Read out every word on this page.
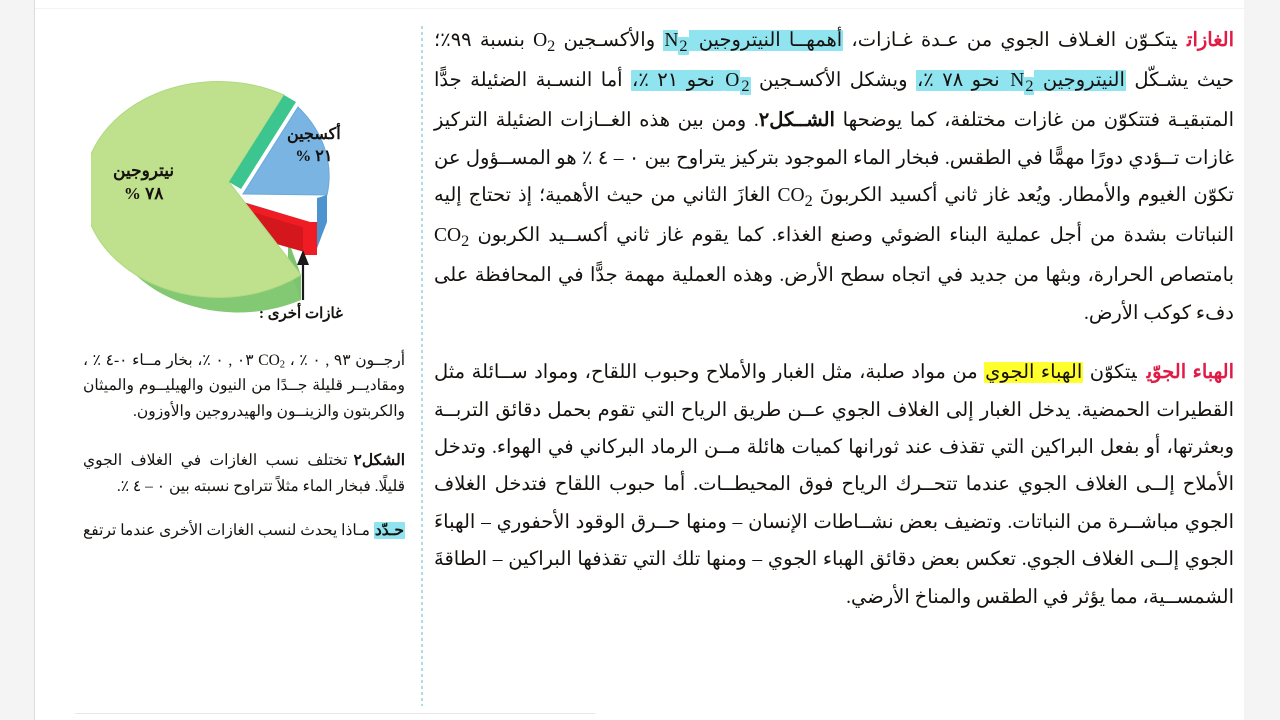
نيتروجين
٧٨ %
أكسجين
٢١ %
غازات أخرى :
أرجــون ٩٣ , ٠ ٪ ، $CO_2$ ٠٣ , ٠ ٪، بخار مــاء ٠-٤ ٪ ، ومقاديــر قليلة جــدًا من النيون والهيليــوم والميثان والكربتون والزينــون والهيدروجين والأوزون.
الشكل٢تختلف نسب الغازات في الغلاف الجوي قليلًا. فبخار الماء مثلاً تتراوح نسبته بين ٠ – ٤ ٪.
حـدّد مـاذا يحدث لنسب الغازات الأخرى عندما ترتفع

الغازاتيتكـوّن الغـلاف الجوي من عـدة غـازات، أهمهــا النيتروجين $N_2$ والأكسـجين $O_2$ بنسبة ٩٩٪؛ حيث يشـكّل النيتروجين $N_2$ نحو ٧٨ ٪، ويشكل الأكسـجين O $_2$ نحو ٢١ ٪، أما النسـبة الضئيلة جدًّا المتبقيـة فتتكوّن من غازات مختلفة، كما يوضحها الشــكل٢. ومن بين هذه الغــازات الضئيلة التركيز غازات تــؤدي دورًا مهمًّا في الطقس. فبخار الماء الموجود بتركيز يتراوح بين ٠ – ٤ ٪ هو المســؤول عن تكوّن الغيوم والأمطار. ويُعد غاز ثاني أكسيد الكربونَ $CO_2$ الغازَ الثاني من حيث الأهمية؛ إذ تحتاج إليه النباتات بشدة من أجل عملية البناء الضوئي وصنع الغذاء. كما يقوم غاز ثاني أكســيد الكربون $CO_2$ بامتصاص الحرارة، وبثها من جديد في اتجاه سطح الأرض. وهذه العملية مهمة جدًّا في المحافظة على دفء كوكب الأرض.

الهباء الجوّييتكوّن الهباء الجوي من مواد صلبة، مثل الغبار والأملاح وحبوب اللقاح، ومواد ســائلة مثل القطيرات الحمضية. يدخل الغبار إلى الغلاف الجوي عــن طريق الرياح التي تقوم بحمل دقائق التربــة وبعثرتها، أو بفعل البراكين التي تقذف عند ثورانها كميات هائلة مــن الرماد البركاني في الهواء. وتدخل الأملاح إلــى الغلاف الجوي عندما تتحــرك الرياح فوق المحيطــات. أما حبوب اللقاح فتدخل الغلاف الجوي مباشــرة من النباتات. وتضيف بعض نشــاطات الإنسان – ومنها حــرق الوقود الأحفوري – الهباءَ الجوي إلــى الغلاف الجوي. تعكس بعض دقائق الهباء الجوي – ومنها تلك التي تقذفها البراكين – الطاقةَ الشمســية، مما يؤثر في الطقس والمناخ الأرضي.
